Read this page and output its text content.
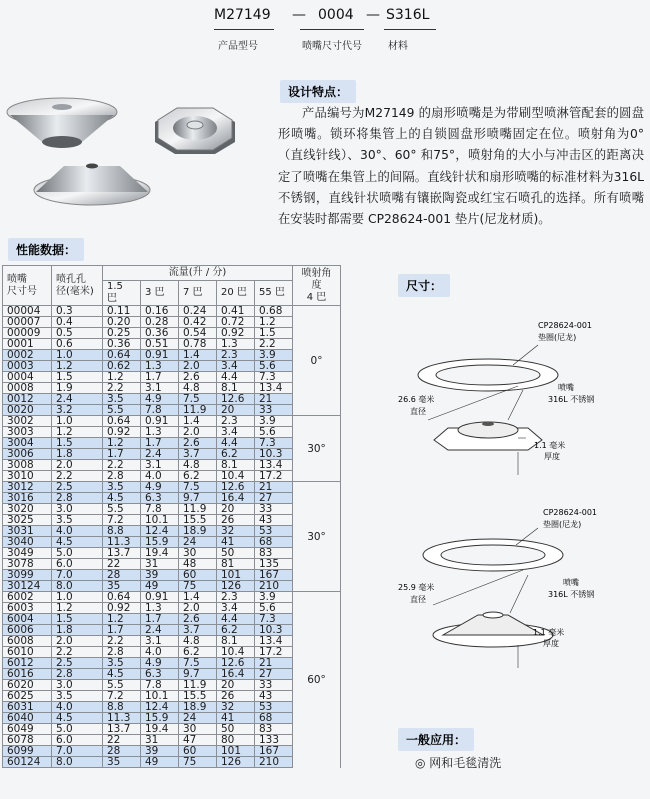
M27149
产品型号
— 0004
喷嘴尺寸代号
— S316L
材料
设计特点：
产品编号为M27149 的扇形喷嘴是为带刷型喷淋管配套的圆盘形喷嘴。锁环将集管上的自锁圆盘形喷嘴固定在位。喷射角为0°（直线针线）、30°、60° 和75°，喷射角的大小与冲击区的距离决定了喷嘴在集管上的间隔。直线针状和扇形喷嘴的标准材料为316L 不锈钢，直线针状喷嘴有镶嵌陶瓷或红宝石喷孔的选择。所有喷嘴在安装时都需要 CP28624-001 垫片(尼龙材质)。
性能数据：
喷嘴
尺寸号	喷孔孔
径(毫米)	流量(升 / 分)					喷射角度
4 巴
		1.5 巴	3 巴	7 巴	20 巴	55 巴	
00004	0.3	0.11	0.16	0.24	0.41	0.68	0°
00007	0.4	0.20	0.28	0.42	0.72	1.2	
00009	0.5	0.25	0.36	0.54	0.92	1.5	
0001	0.6	0.36	0.51	0.78	1.3	2.2	
0002	1.0	0.64	0.91	1.4	2.3	3.9	
0003	1.2	0.62	1.3	2.0	3.4	5.6	
0004	1.5	1.2	1.7	2.6	4.4	7.3	
0008	1.9	2.2	3.1	4.8	8.1	13.4	
0012	2.4	3.5	4.9	7.5	12.6	21	
0020	3.2	5.5	7.8	11.9	20	33	
3002	1.0	0.64	0.91	1.4	2.3	3.9	30°
3003	1.2	0.92	1.3	2.0	3.4	5.6	
3004	1.5	1.2	1.7	2.6	4.4	7.3	
3006	1.8	1.7	2.4	3.7	6.2	10.3	
3008	2.0	2.2	3.1	4.8	8.1	13.4	
3010	2.2	2.8	4.0	6.2	10.4	17.2	
3012	2.5	3.5	4.9	7.5	12.6	21	30°
3016	2.8	4.5	6.3	9.7	16.4	27	
3020	3.0	5.5	7.8	11.9	20	33	
3025	3.5	7.2	10.1	15.5	26	43	
3031	4.0	8.8	12.4	18.9	32	53	
3040	4.5	11.3	15.9	24	41	68	
3049	5.0	13.7	19.4	30	50	83	
3078	6.0	22	31	48	81	135	
3099	7.0	28	39	60	101	167	
30124	8.0	35	49	75	126	210	
6002	1.0	0.64	0.91	1.4	2.3	3.9	60°
6003	1.2	0.92	1.3	2.0	3.4	5.6	
6004	1.5	1.2	1.7	2.6	4.4	7.3	
6006	1.8	1.7	2.4	3.7	6.2	10.3	
6008	2.0	2.2	3.1	4.8	8.1	13.4	
6010	2.2	2.8	4.0	6.2	10.4	17.2	
6012	2.5	3.5	4.9	7.5	12.6	21	
6016	2.8	4.5	6.3	9.7	16.4	27	
6020	3.0	5.5	7.8	11.9	20	33	
6025	3.5	7.2	10.1	15.5	26	43	
6031	4.0	8.8	12.4	18.9	32	53	
6040	4.5	11.3	15.9	24	41	68	
6049	5.0	13.7	19.4	30	50	83	
6078	6.0	22	31	47	80	133	
6099	7.0	28	39	60	101	167	
60124	8.0	35	49	75	126	210	
尺寸：
CP28624-001
垫圈(尼龙)
喷嘴
316L 不锈钢
26.6 毫米
直径
1.1 毫米
厚度
CP28624-001
垫圈(尼龙)
喷嘴
316L 不锈钢
25.9 毫米
直径
1.1 毫米
厚度
一般应用：
◎ 网和毛毯清洗
